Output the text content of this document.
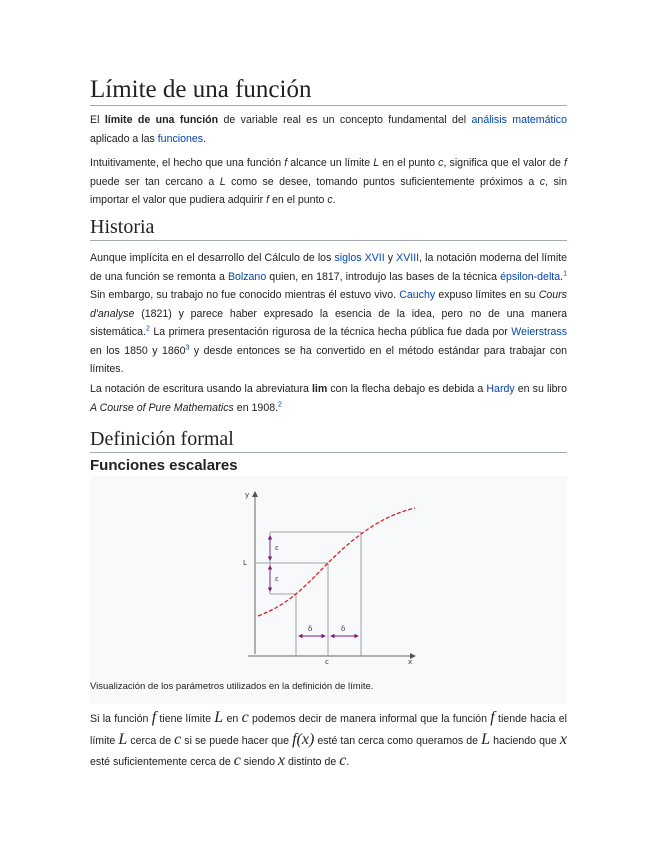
Límite de una función

El límite de una función de variable real es un concepto fundamental del análisis matemático aplicado a las funciones.

Intuitivamente, el hecho que una función f alcance un límite L en el punto c, significa que el valor de f puede ser tan cercano a L como se desee, tomando puntos suficientemente próximos a c, sin importar el valor que pudiera adquirir f en el punto c.

Historia

Aunque implícita en el desarrollo del Cálculo de los siglos XVII y XVIII, la notación moderna del límite de una función se remonta a Bolzano quien, en 1817, introdujo las bases de la técnica épsilon-delta.$^1$ Sin embargo, su trabajo no fue conocido mientras él estuvo vivo. Cauchy expuso límites en su Cours d'analyse (1821) y parece haber expresado la esencia de la idea, pero no de una manera sistemática.$^2$ La primera presentación rigurosa de la técnica hecha pública fue dada por Weierstrass en los 1850 y 1860$^3$ y desde entonces se ha convertido en el método estándar para trabajar con límites.

La notación de escritura usando la abreviatura lim con la flecha debajo es debida a Hardy en su libro A Course of Pure Mathematics en 1908.$^2$

Definición formal
Funciones escalares
y
x
ε
ε
δ	δ
L
c
Visualización de los parámetros utilizados en la definición de límite.

Si la función f tiene límite L en c podemos decir de manera informal que la función f tiende hacia el límite L cerca de c si se puede hacer que f(x) esté tan cerca como queramos de L haciendo que x esté suficientemente cerca de c siendo x distinto de c.
